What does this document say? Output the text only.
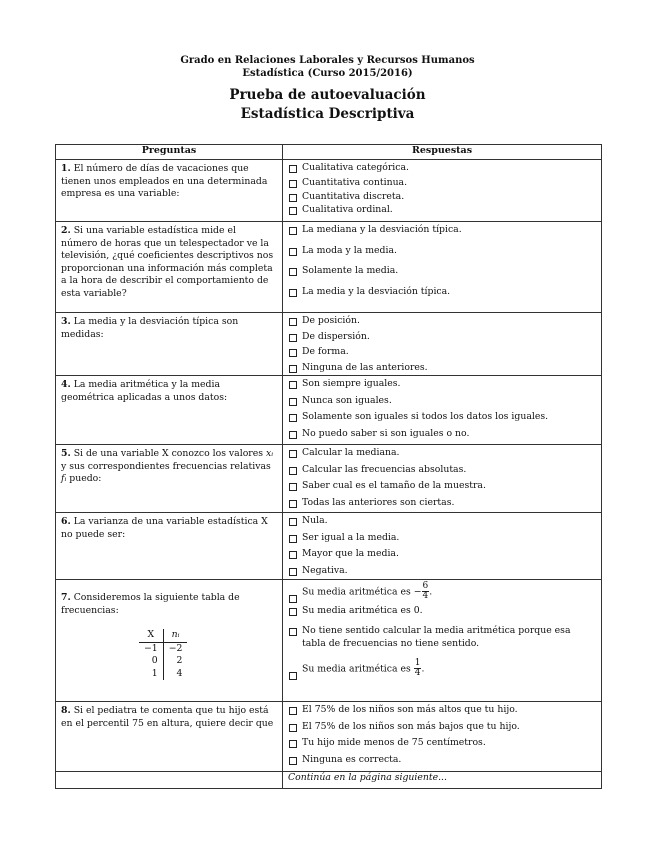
Grado en Relaciones Laborales y Recursos Humanos
Estadística (Curso 2015/2016)
Prueba de autoevaluación
Estadística Descriptiva
Preguntas	Respuestas
1. El número de días de vacaciones que tienen unos empleados en una determinada empresa es una variable:	
Cualitativa categórica.
Cuantitativa continua.
Cuantitativa discreta.
Cualitativa ordinal.

2. Si una variable estadística mide el número de horas que un telespectador ve la televisión, ¿qué coeficientes descriptivos nos proporcionan una información más completa a la hora de describir el comportamiento de esta variable?	
La mediana y la desviación típica.
La moda y la media.
Solamente la media.
La media y la desviación típica.

3. La media y la desviación típica son medidas:	
De posición.
De dispersión.
De forma.
Ninguna de las anteriores.

4. La media aritmética y la media geométrica aplicadas a unos datos:	
Son siempre iguales.
Nunca son iguales.
Solamente son iguales si todos los datos los iguales.
No puedo saber si son iguales o no.

5. Si de una variable X conozco los valores xᵢ y sus correspondientes frecuencias relativas fᵢ puedo:	
Calcular la mediana.
Calcular las frecuencias absolutas.
Saber cual es el tamaño de la muestra.
Todas las anteriores son ciertas.

6. La varianza de una variable estadística X no puede ser:	
Nula.
Ser igual a la media.
Mayor que la media.
Negativa.

7. Consideremos la siguiente tabla de frecuencias:
X	nᵢ
−1	−2
0	2
1	4

Su media aritmética es − $\frac{6}{4}$ .
Su media aritmética es 0.
No tiene sentido calcular la media aritmética porque esa tabla de frecuencias no tiene sentido.
Su media aritmética es $\frac{1}{4}$ .

8. Si el pediatra te comenta que tu hijo está en el percentil 75 en altura, quiere decir que	
El 75% de los niños son más altos que tu hijo.
El 75% de los niños son más bajos que tu hijo.
Tu hijo mide menos de 75 centímetros.
Ninguna es correcta.

	Continúa en la página siguiente...
